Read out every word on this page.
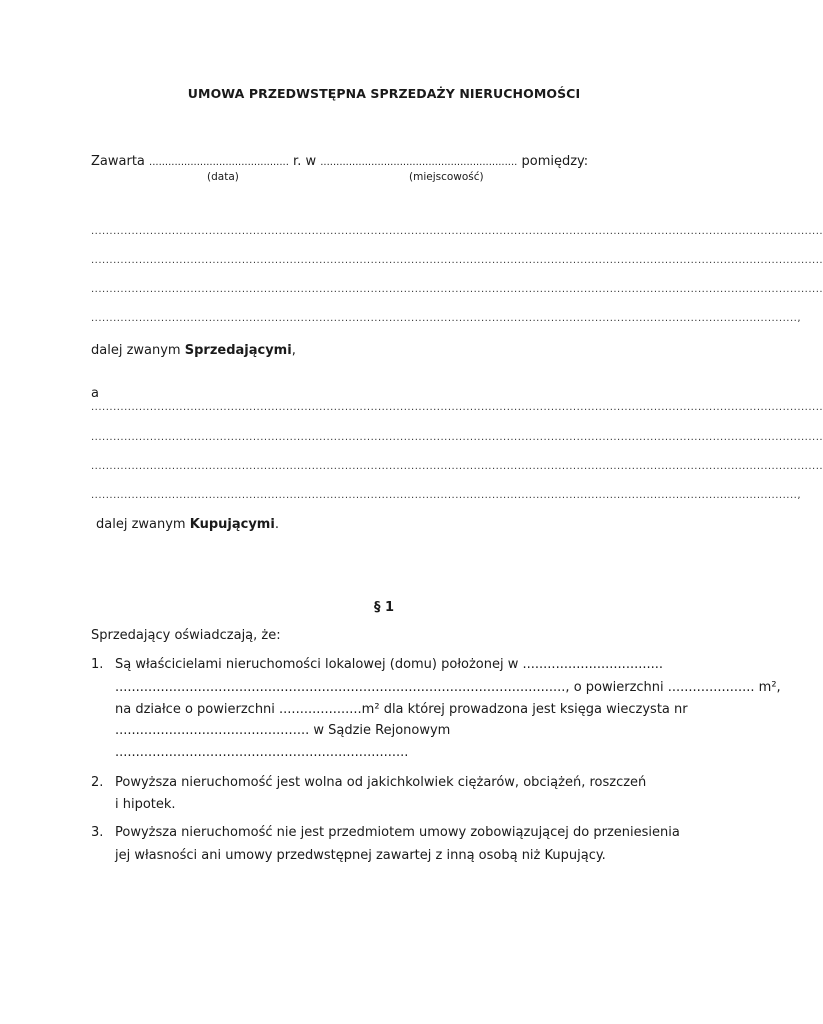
UMOWA PRZEDWSTĘPNA SPRZEDAŻY NIERUCHOMOŚCI
Zawarta ............................................ r. w .............................................................. pomiędzy:
(data)	(miejscowość)
.......................................................................................................................................................................................................
.......................................................................................................................................................................................................
.......................................................................................................................................................................................................
................................................................................................................................................................................................,
dalej zwanym Sprzedającymi,
a
.......................................................................................................................................................................................................
.......................................................................................................................................................................................................
.......................................................................................................................................................................................................
................................................................................................................................................................................................,
dalej zwanym Kupującymi.
§ 1
Sprzedający oświadczają, że:
1. Są właścicielami nieruchomości lokalowej (domu) położonej w ..................................
............................................................................................................., o powierzchni ..................... m²,
na działce o powierzchni ....................m² dla której prowadzona jest księga wieczysta nr
............................................... w Sądzie Rejonowym
.......................................................................
2. Powyższa nieruchomość jest wolna od jakichkolwiek ciężarów, obciążeń, roszczeń
i hipotek.
3. Powyższa nieruchomość nie jest przedmiotem umowy zobowiązującej do przeniesienia
jej własności ani umowy przedwstępnej zawartej z inną osobą niż Kupujący.
